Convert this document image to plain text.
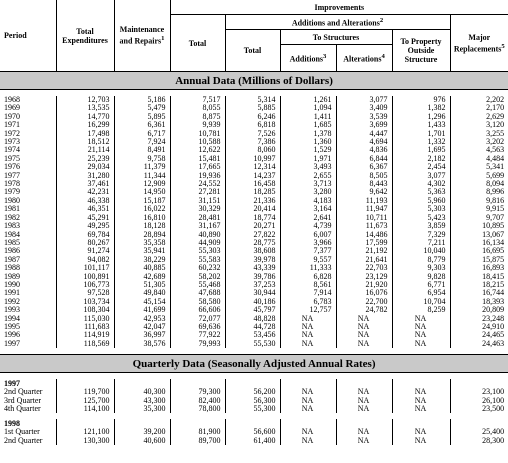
Period	Total Expenditures	Maintenance and Repairs$^1$	Improvements					
			Total	Additions and Alterations$^2$				Major Replacements$^5$
				Total	To Structures		To Property Outside Structure	
					Additions$^3$	Alterations$^4$
Annual Data (Millions of Dollars)								

1968	12,703	5,186	7,517	5,314	1,261	3,077	976	2,202
1969	13,535	5,479	8,055	5,885	1,094	3,409	1,382	2,170
1970	14,770	5,895	8,875	6,246	1,411	3,539	1,296	2,629
1971	16,299	6,361	9,939	6,818	1,685	3,699	1,433	3,120
1972	17,498	6,717	10,781	7,526	1,378	4,447	1,701	3,255
1973	18,512	7,924	10,588	7,386	1,360	4,694	1,332	3,202
1974	21,114	8,491	12,622	8,060	1,529	4,836	1,695	4,563
1975	25,239	9,758	15,481	10,997	1,971	6,844	2,182	4,484
1976	29,034	11,379	17,665	12,314	3,493	6,367	2,454	5,341
1977	31,280	11,344	19,936	14,237	2,655	8,505	3,077	5,699
1978	37,461	12,909	24,552	16,458	3,713	8,443	4,302	8,094
1979	42,231	14,950	27,281	18,285	3,280	9,642	5,363	8,996
1980	46,338	15,187	31,151	21,336	4,183	11,193	5,960	9,816
1981	46,351	16,022	30,329	20,414	3,164	11,947	5,303	9,915
1982	45,291	16,810	28,481	18,774	2,641	10,711	5,423	9,707
1983	49,295	18,128	31,167	20,271	4,739	11,673	3,859	10,895
1984	69,784	28,894	40,890	27,822	6,007	14,486	7,329	13,067
1985	80,267	35,358	44,909	28,775	3,966	17,599	7,211	16,134
1986	91,274	35,941	55,303	38,608	7,377	21,192	10,040	16,695
1987	94,082	38,229	55,583	39,978	9,557	21,641	8,779	15,875
1988	101,117	40,885	60,232	43,339	11,333	22,703	9,303	16,893
1989	100,891	42,689	58,202	39,786	6,828	23,129	9,828	18,415
1990	106,773	51,305	55,468	37,253	8,561	21,920	6,771	18,215
1991	97,528	49,840	47,688	30,944	7,914	16,076	6,954	16,744
1992	103,734	45,154	58,580	40,186	6,783	22,700	10,704	18,393
1993	108,304	41,699	66,606	45,797	12,757	24,782	8,259	20,809
1994	115,030	42,953	72,077	48,828	NA	NA	NA	23,248
1995	111,683	42,047	69,636	44,728	NA	NA	NA	24,910
1996	114,919	36,997	77,922	53,456	NA	NA	NA	24,465
1997	118,569	38,576	79,993	55,530	NA	NA	NA	24,463

Quarterly Data (Seasonally Adjusted Annual Rates)								

1997								
2nd Quarter	119,700	40,300	79,300	56,200	NA	NA	NA	23,100
3rd Quarter	125,700	43,300	82,400	56,300	NA	NA	NA	26,100
4th Quarter	114,100	35,300	78,800	55,300	NA	NA	NA	23,500

1998								
1st Quarter	121,100	39,200	81,900	56,600	NA	NA	NA	25,400
2nd Quarter	130,300	40,600	89,700	61,400	NA	NA	NA	28,300
